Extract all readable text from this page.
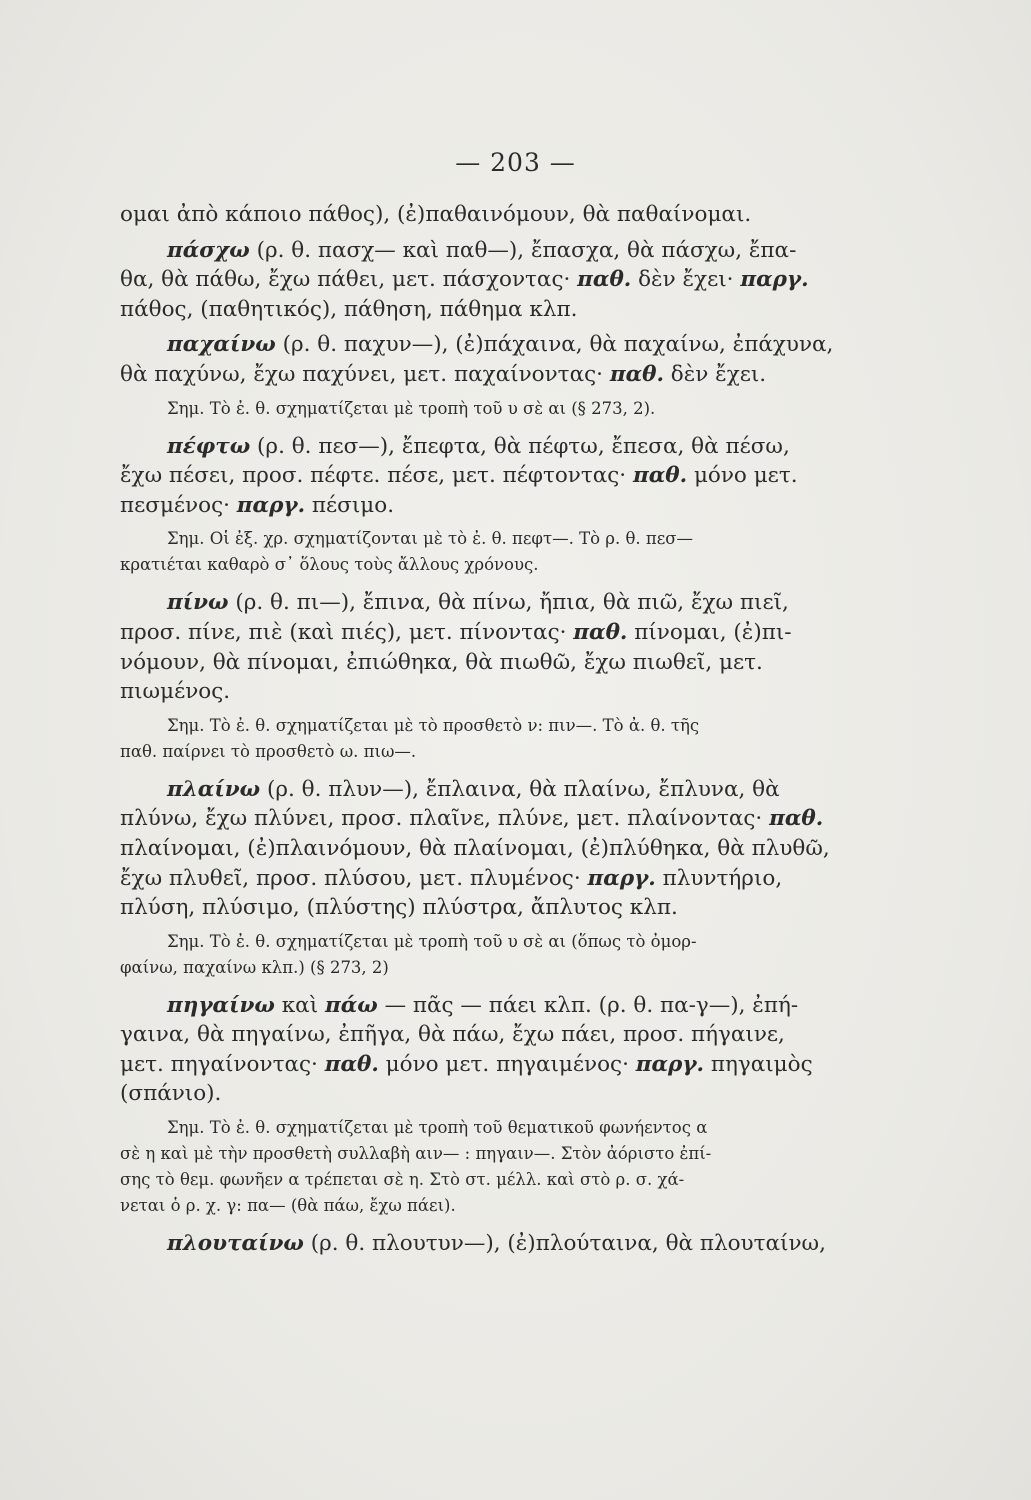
— 203 —
ομαι ἀπὸ κάποιο πάθος), (ἐ)παθαινόμουν, θὰ παθαίνομαι.
πάσχω (ρ. θ. πασχ— καὶ παθ—), ἔπασχα, θὰ πάσχω, ἔπα-
θα, θὰ πάθω, ἔχω πάθει, μετ. πάσχοντας· παθ. δὲν ἔχει· παργ.
πάθος, (παθητικός), πάθηση, πάθημα κλπ.
παχαίνω (ρ. θ. παχυν—), (ἐ)πάχαινα, θὰ παχαίνω, ἐπάχυνα,
θὰ παχύνω, ἔχω παχύνει, μετ. παχαίνοντας· παθ. δὲν ἔχει.
Σημ. Τὸ ἐ. θ. σχηματίζεται μὲ τροπὴ τοῦ υ σὲ αι (§ 273, 2).
πέφτω (ρ. θ. πεσ—), ἔπεφτα, θὰ πέφτω, ἔπεσα, θὰ πέσω,
ἔχω πέσει, προσ. πέφτε. πέσε, μετ. πέφτοντας· παθ. μόνο μετ.
πεσμένος· παργ. πέσιμο.
Σημ. Οἱ ἐξ. χρ. σχηματίζονται μὲ τὸ ἐ. θ. πεφτ—. Τὸ ρ. θ. πεσ—
κρατιέται καθαρὸ σ᾿ ὅλους τοὺς ἄλλους χρόνους.
πίνω (ρ. θ. πι—), ἔπινα, θὰ πίνω, ἤπια, θὰ πιῶ, ἔχω πιεῖ,
προσ. πίνε, πιὲ (καὶ πιές), μετ. πίνοντας· παθ. πίνομαι, (ἐ)πι-
νόμουν, θὰ πίνομαι, ἐπιώθηκα, θὰ πιωθῶ, ἔχω πιωθεῖ, μετ.
πιωμένος.
Σημ. Τὸ ἐ. θ. σχηματίζεται μὲ τὸ προσθετὸ ν: πιν—. Τὸ ἀ. θ. τῆς
παθ. παίρνει τὸ προσθετὸ ω. πιω—.
πλαίνω (ρ. θ. πλυν—), ἔπλαινα, θὰ πλαίνω, ἔπλυνα, θὰ
πλύνω, ἔχω πλύνει, προσ. πλαῖνε, πλύνε, μετ. πλαίνοντας· παθ.
πλαίνομαι, (ἐ)πλαινόμουν, θὰ πλαίνομαι, (ἐ)πλύθηκα, θὰ πλυθῶ,
ἔχω πλυθεῖ, προσ. πλύσου, μετ. πλυμένος· παργ. πλυντήριο,
πλύση, πλύσιμο, (πλύστης) πλύστρα, ἄπλυτος κλπ.
Σημ. Τὸ ἐ. θ. σχηματίζεται μὲ τροπὴ τοῦ υ σὲ αι (ὅπως τὸ ὀμορ-
φαίνω, παχαίνω κλπ.) (§ 273, 2)
πηγαίνω καὶ πάω — πᾶς — πάει κλπ. (ρ. θ. πα-γ—), ἐπή-
γαινα, θὰ πηγαίνω, ἐπῆγα, θὰ πάω, ἔχω πάει, προσ. πήγαινε,
μετ. πηγαίνοντας· παθ. μόνο μετ. πηγαιμένος· παργ. πηγαιμὸς
(σπάνιο).
Σημ. Τὸ ἐ. θ. σχηματίζεται μὲ τροπὴ τοῦ θεματικοῦ φωνήεντος α
σὲ η καὶ μὲ τὴν προσθετὴ συλλαβὴ αιν— : πηγαιν—. Στὸν ἀόριστο ἐπί-
σης τὸ θεμ. φωνῆεν α τρέπεται σὲ η. Στὸ στ. μέλλ. καὶ στὸ ρ. σ. χά-
νεται ὁ ρ. χ. γ: πα— (θὰ πάω, ἔχω πάει).
πλουταίνω (ρ. θ. πλουτυν—), (ἐ)πλούταινα, θὰ πλουταίνω,
